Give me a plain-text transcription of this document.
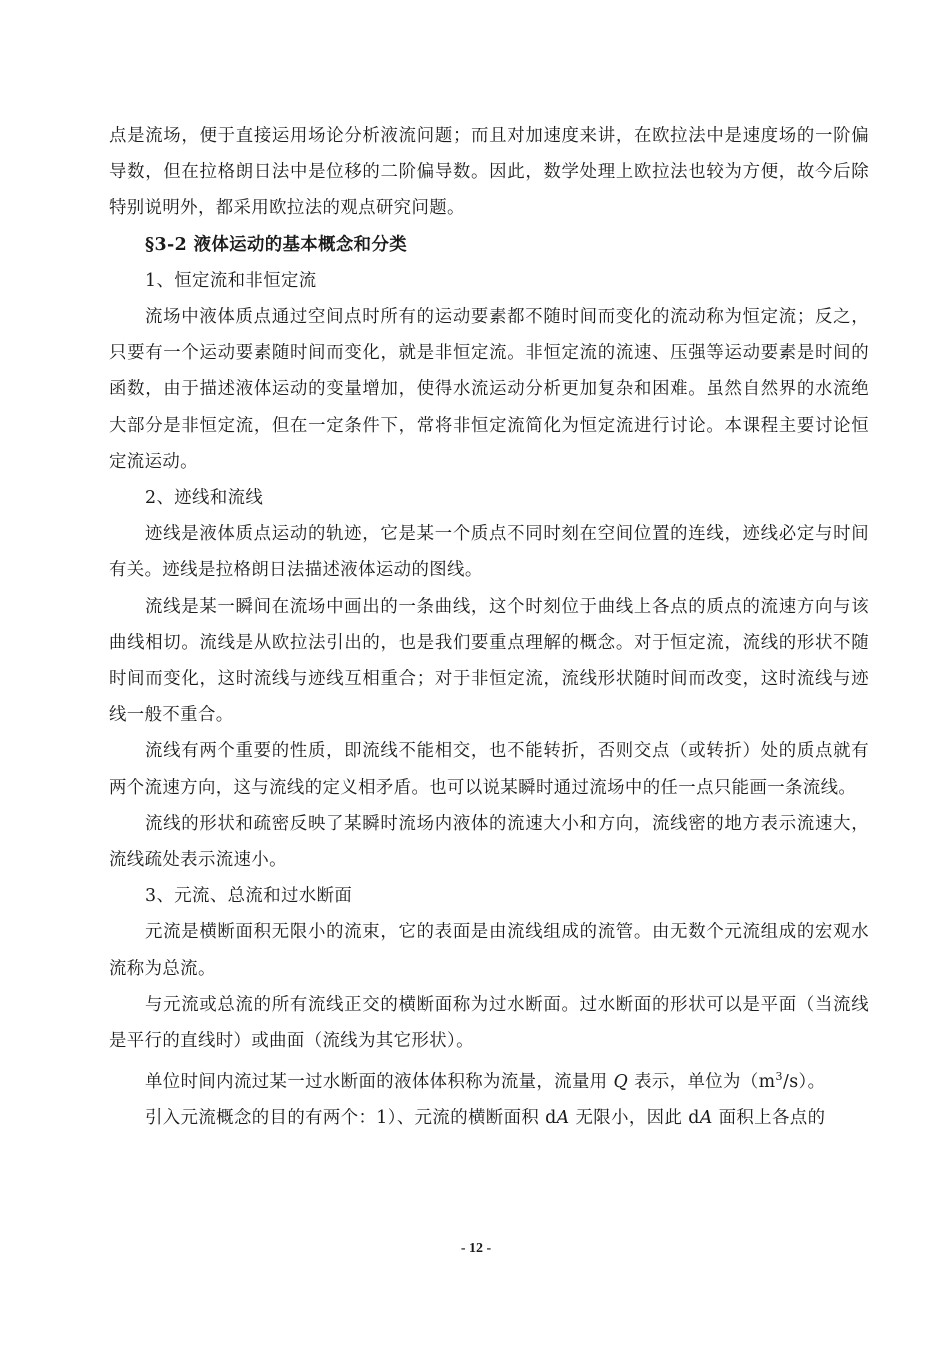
点是流场，便于直接运用场论分析液流问题；而且对加速度来讲，在欧拉法中是速度场的一阶偏导数，但在拉格朗日法中是位移的二阶偏导数。因此，数学处理上欧拉法也较为方便，故今后除特别说明外，都采用欧拉法的观点研究问题。

§3-2 液体运动的基本概念和分类

1、恒定流和非恒定流

流场中液体质点通过空间点时所有的运动要素都不随时间而变化的流动称为恒定流；反之，只要有一个运动要素随时间而变化，就是非恒定流。非恒定流的流速、压强等运动要素是时间的函数，由于描述液体运动的变量增加，使得水流运动分析更加复杂和困难。虽然自然界的水流绝大部分是非恒定流，但在一定条件下，常将非恒定流简化为恒定流进行讨论。本课程主要讨论恒定流运动。

2、迹线和流线

迹线是液体质点运动的轨迹，它是某一个质点不同时刻在空间位置的连线，迹线必定与时间有关。迹线是拉格朗日法描述液体运动的图线。

流线是某一瞬间在流场中画出的一条曲线，这个时刻位于曲线上各点的质点的流速方向与该曲线相切。流线是从欧拉法引出的，也是我们要重点理解的概念。对于恒定流，流线的形状不随时间而变化，这时流线与迹线互相重合；对于非恒定流，流线形状随时间而改变，这时流线与迹线一般不重合。

流线有两个重要的性质，即流线不能相交，也不能转折，否则交点（或转折）处的质点就有两个流速方向，这与流线的定义相矛盾。也可以说某瞬时通过流场中的任一点只能画一条流线。

流线的形状和疏密反映了某瞬时流场内液体的流速大小和方向，流线密的地方表示流速大，流线疏处表示流速小。

3、元流、总流和过水断面

元流是横断面积无限小的流束，它的表面是由流线组成的流管。由无数个元流组成的宏观水流称为总流。

与元流或总流的所有流线正交的横断面称为过水断面。过水断面的形状可以是平面（当流线是平行的直线时）或曲面（流线为其它形状）。

单位时间内流过某一过水断面的液体体积称为流量，流量用 Q 表示，单位为$(m^3/s)$。

引入元流概念的目的有两个：1）、元流的横断面积 dA 无限小，因此 dA 面积上各点的

- 12 -
